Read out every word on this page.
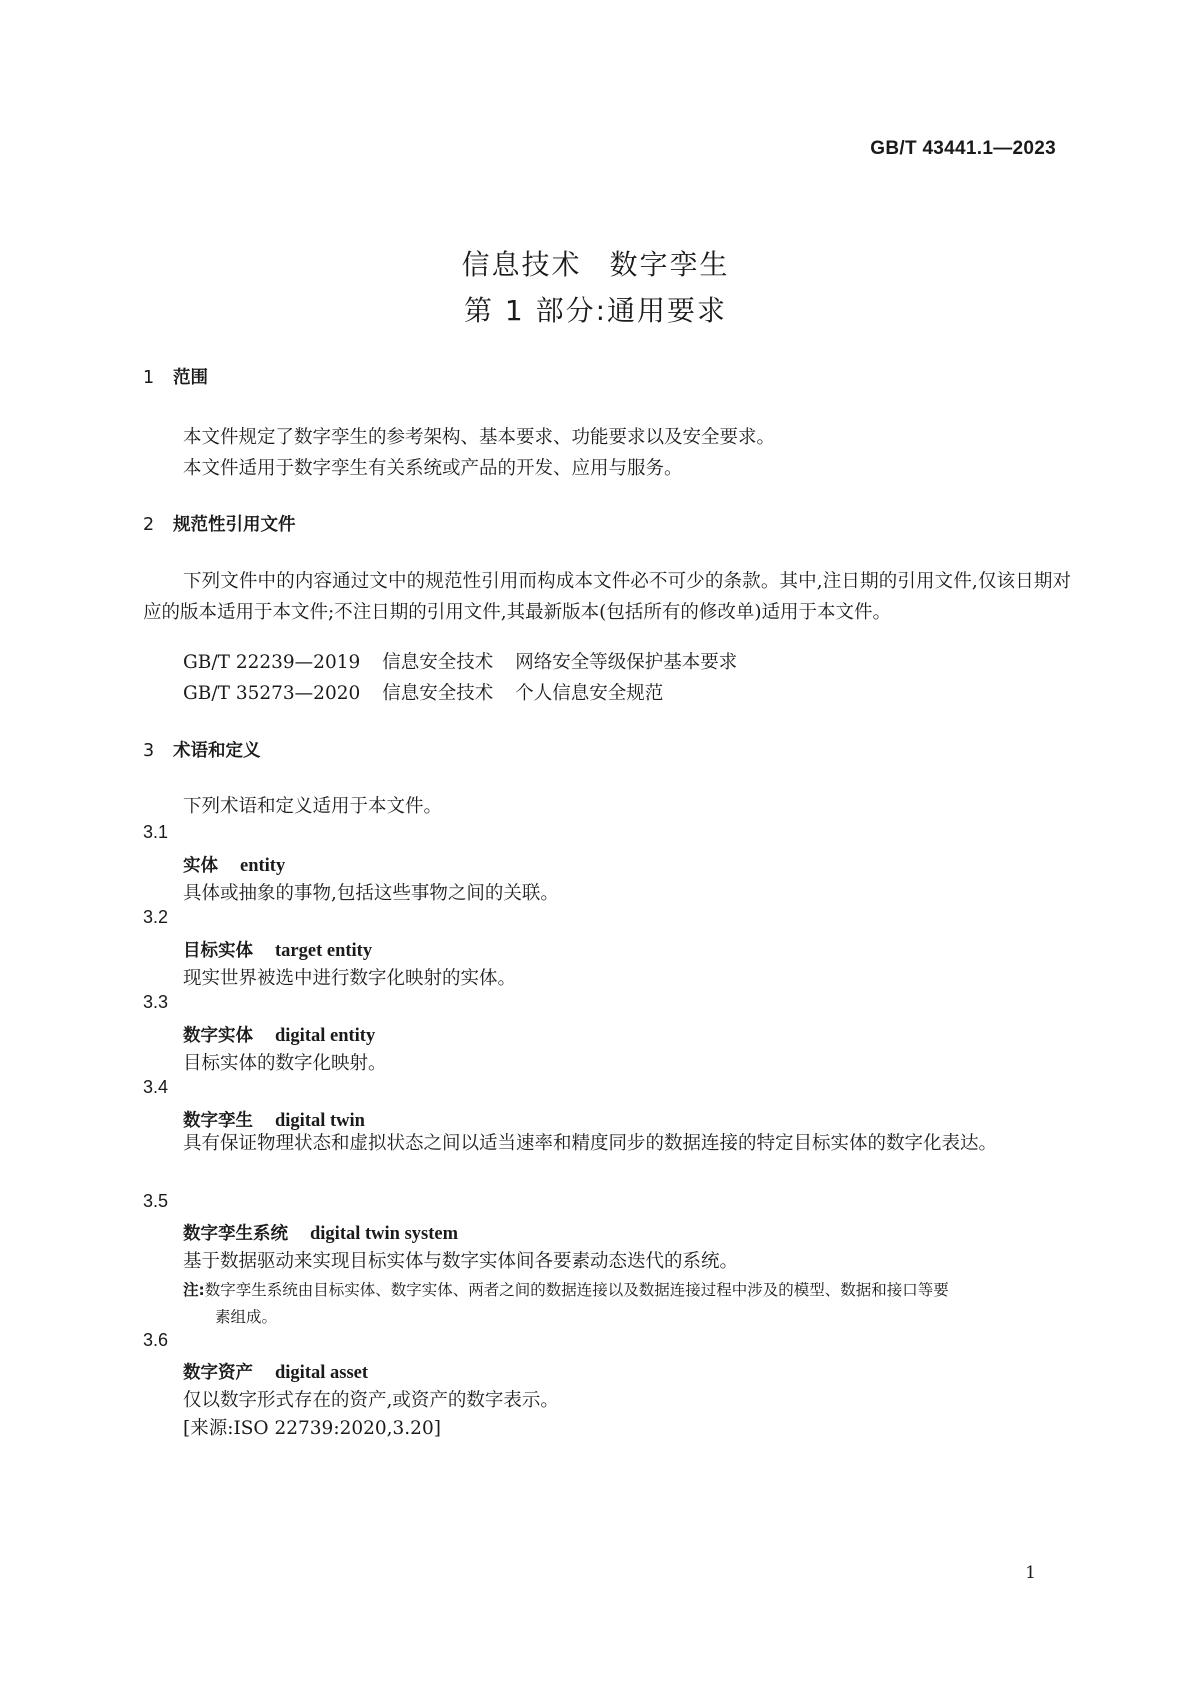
GB/T 43441.1—2023
信息技术 数字孪生
第 1 部分:通用要求
1 范围
本文件规定了数字孪生的参考架构、基本要求、功能要求以及安全要求。
本文件适用于数字孪生有关系统或产品的开发、应用与服务。
2 规范性引用文件
下列文件中的内容通过文中的规范性引用而构成本文件必不可少的条款。其中,注日期的引用文件,仅该日期对应的版本适用于本文件;不注日期的引用文件,其最新版本(包括所有的修改单)适用于本文件。
GB/T 22239—2019 信息安全技术 网络安全等级保护基本要求
GB/T 35273—2020 信息安全技术 个人信息安全规范
3 术语和定义
下列术语和定义适用于本文件。
3.1
实体 entity
具体或抽象的事物,包括这些事物之间的关联。
3.2
目标实体 target entity
现实世界被选中进行数字化映射的实体。
3.3
数字实体 digital entity
目标实体的数字化映射。
3.4
数字孪生 digital twin
具有保证物理状态和虚拟状态之间以适当速率和精度同步的数据连接的特定目标实体的数字化表达。
3.5
数字孪生系统 digital twin system
基于数据驱动来实现目标实体与数字实体间各要素动态迭代的系统。
注:数字孪生系统由目标实体、数字实体、两者之间的数据连接以及数据连接过程中涉及的模型、数据和接口等要
素组成。
3.6
数字资产 digital asset
仅以数字形式存在的资产,或资产的数字表示。
[来源:ISO 22739:2020,3.20]
1
